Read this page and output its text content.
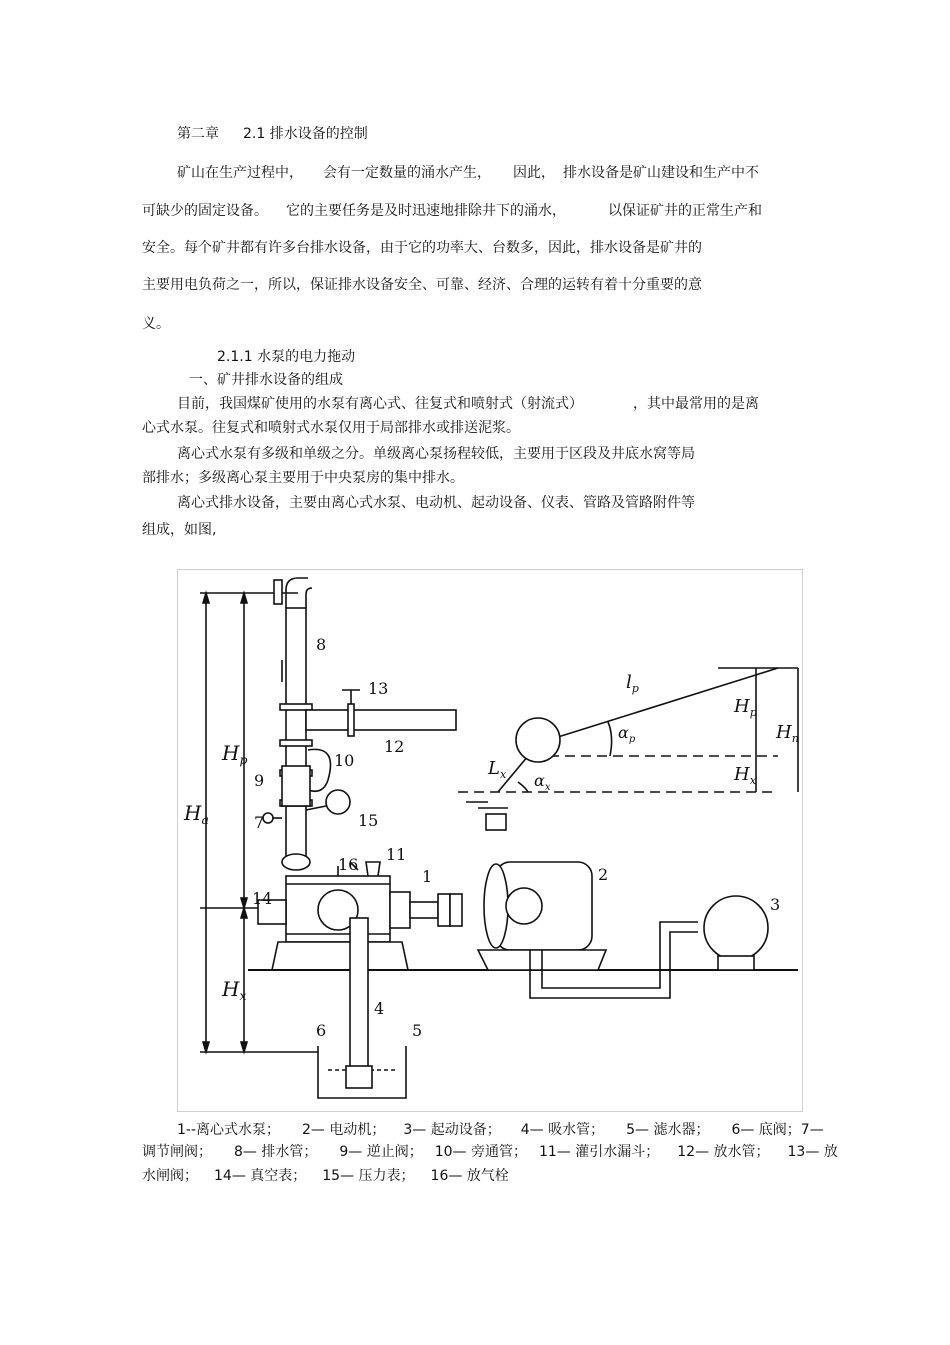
第二章 2.1 排水设备的控制
矿山在生产过程中， 会有一定数量的涌水产生， 因此， 排水设备是矿山建设和生产中不
可缺少的固定设备。 它的主要任务是及时迅速地排除井下的涌水，	以保证矿井的正常生产和
安全。每个矿井都有许多台排水设备，由于它的功率大、台数多，因此，排水设备是矿井的
主要用电负荷之一，所以，保证排水设备安全、可靠、经济、合理的运转有着十分重要的意
义。
2.1.1 水泵的电力拖动
一、矿井排水设备的组成
目前，我国煤矿使用的水泵有离心式、往复式和喷射式（射流式）	，其中最常用的是离
心式水泵。往复式和喷射式水泵仅用于局部排水或排送泥浆。
离心式水泵有多级和单级之分。单级离心泵扬程较低，主要用于区段及井底水窝等局
部排水；多级离心泵主要用于中央泵房的集中排水。
离心式排水设备，主要由离心式水泵、电动机、起动设备、仪表、管路及管路附件等
组成，如图,
$H_a$
$H_p$
$H_x$
$H_p$
$H_n$
$H_x$
$l_p$
$L_x$
$\alpha_p$
$\alpha_x$
1	2
3
4
5
6
7
8
9
10
11
12
13
14
15
16
1--离心式水泵； 2— 电动机； 3— 起动设备； 4— 吸水管； 5— 滤水器； 6— 底阀；7—
调节闸阀； 8— 排水管； 9— 逆止阀； 10— 旁通管； 11— 灌引水漏斗； 12— 放水管； 13— 放
水闸阀； 14— 真空表； 15— 压力表； 16— 放气栓
